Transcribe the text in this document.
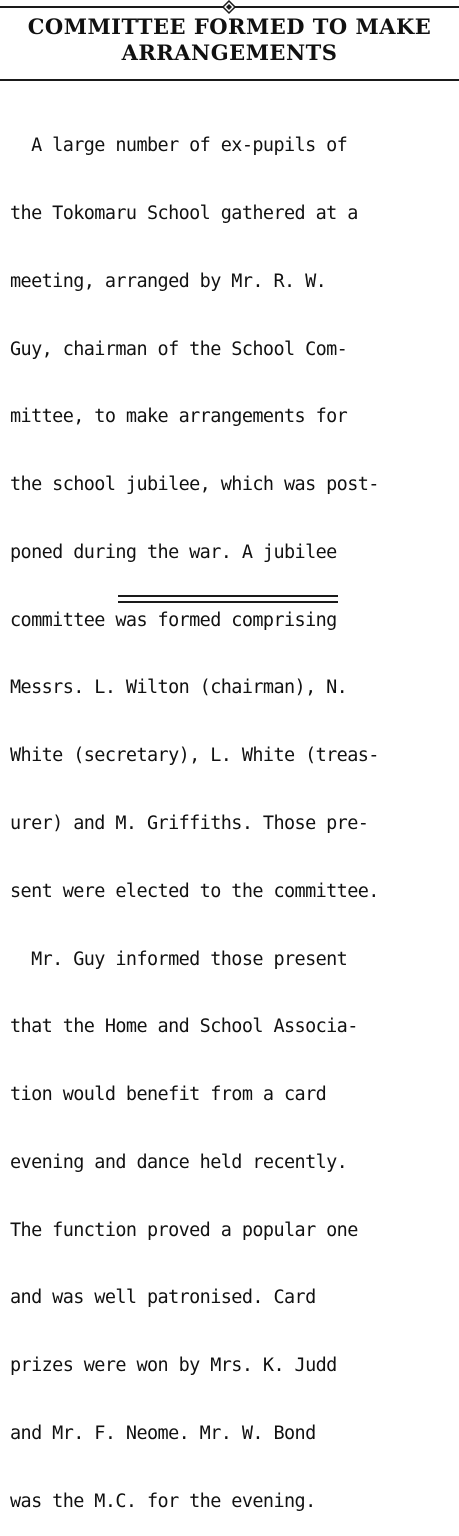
COMMITTEE FORMED TO MAKE
ARRANGEMENTS

A large number of ex-pupils of

the Tokomaru School gathered at a

meeting, arranged by Mr. R. W.

Guy, chairman of the School Com-

mittee, to make arrangements for

the school jubilee, which was post-

poned during the war. A jubilee

committee was formed comprising

Messrs. L. Wilton (chairman), N.

White (secretary), L. White (treas-

urer) and M. Griffiths. Those pre-

sent were elected to the committee.

Mr. Guy informed those present

that the Home and School Associa-

tion would benefit from a card

evening and dance held recently.

The function proved a popular one

and was well patronised. Card

prizes were won by Mrs. K. Judd

and Mr. F. Neome. Mr. W. Bond

was the M.C. for the evening.
